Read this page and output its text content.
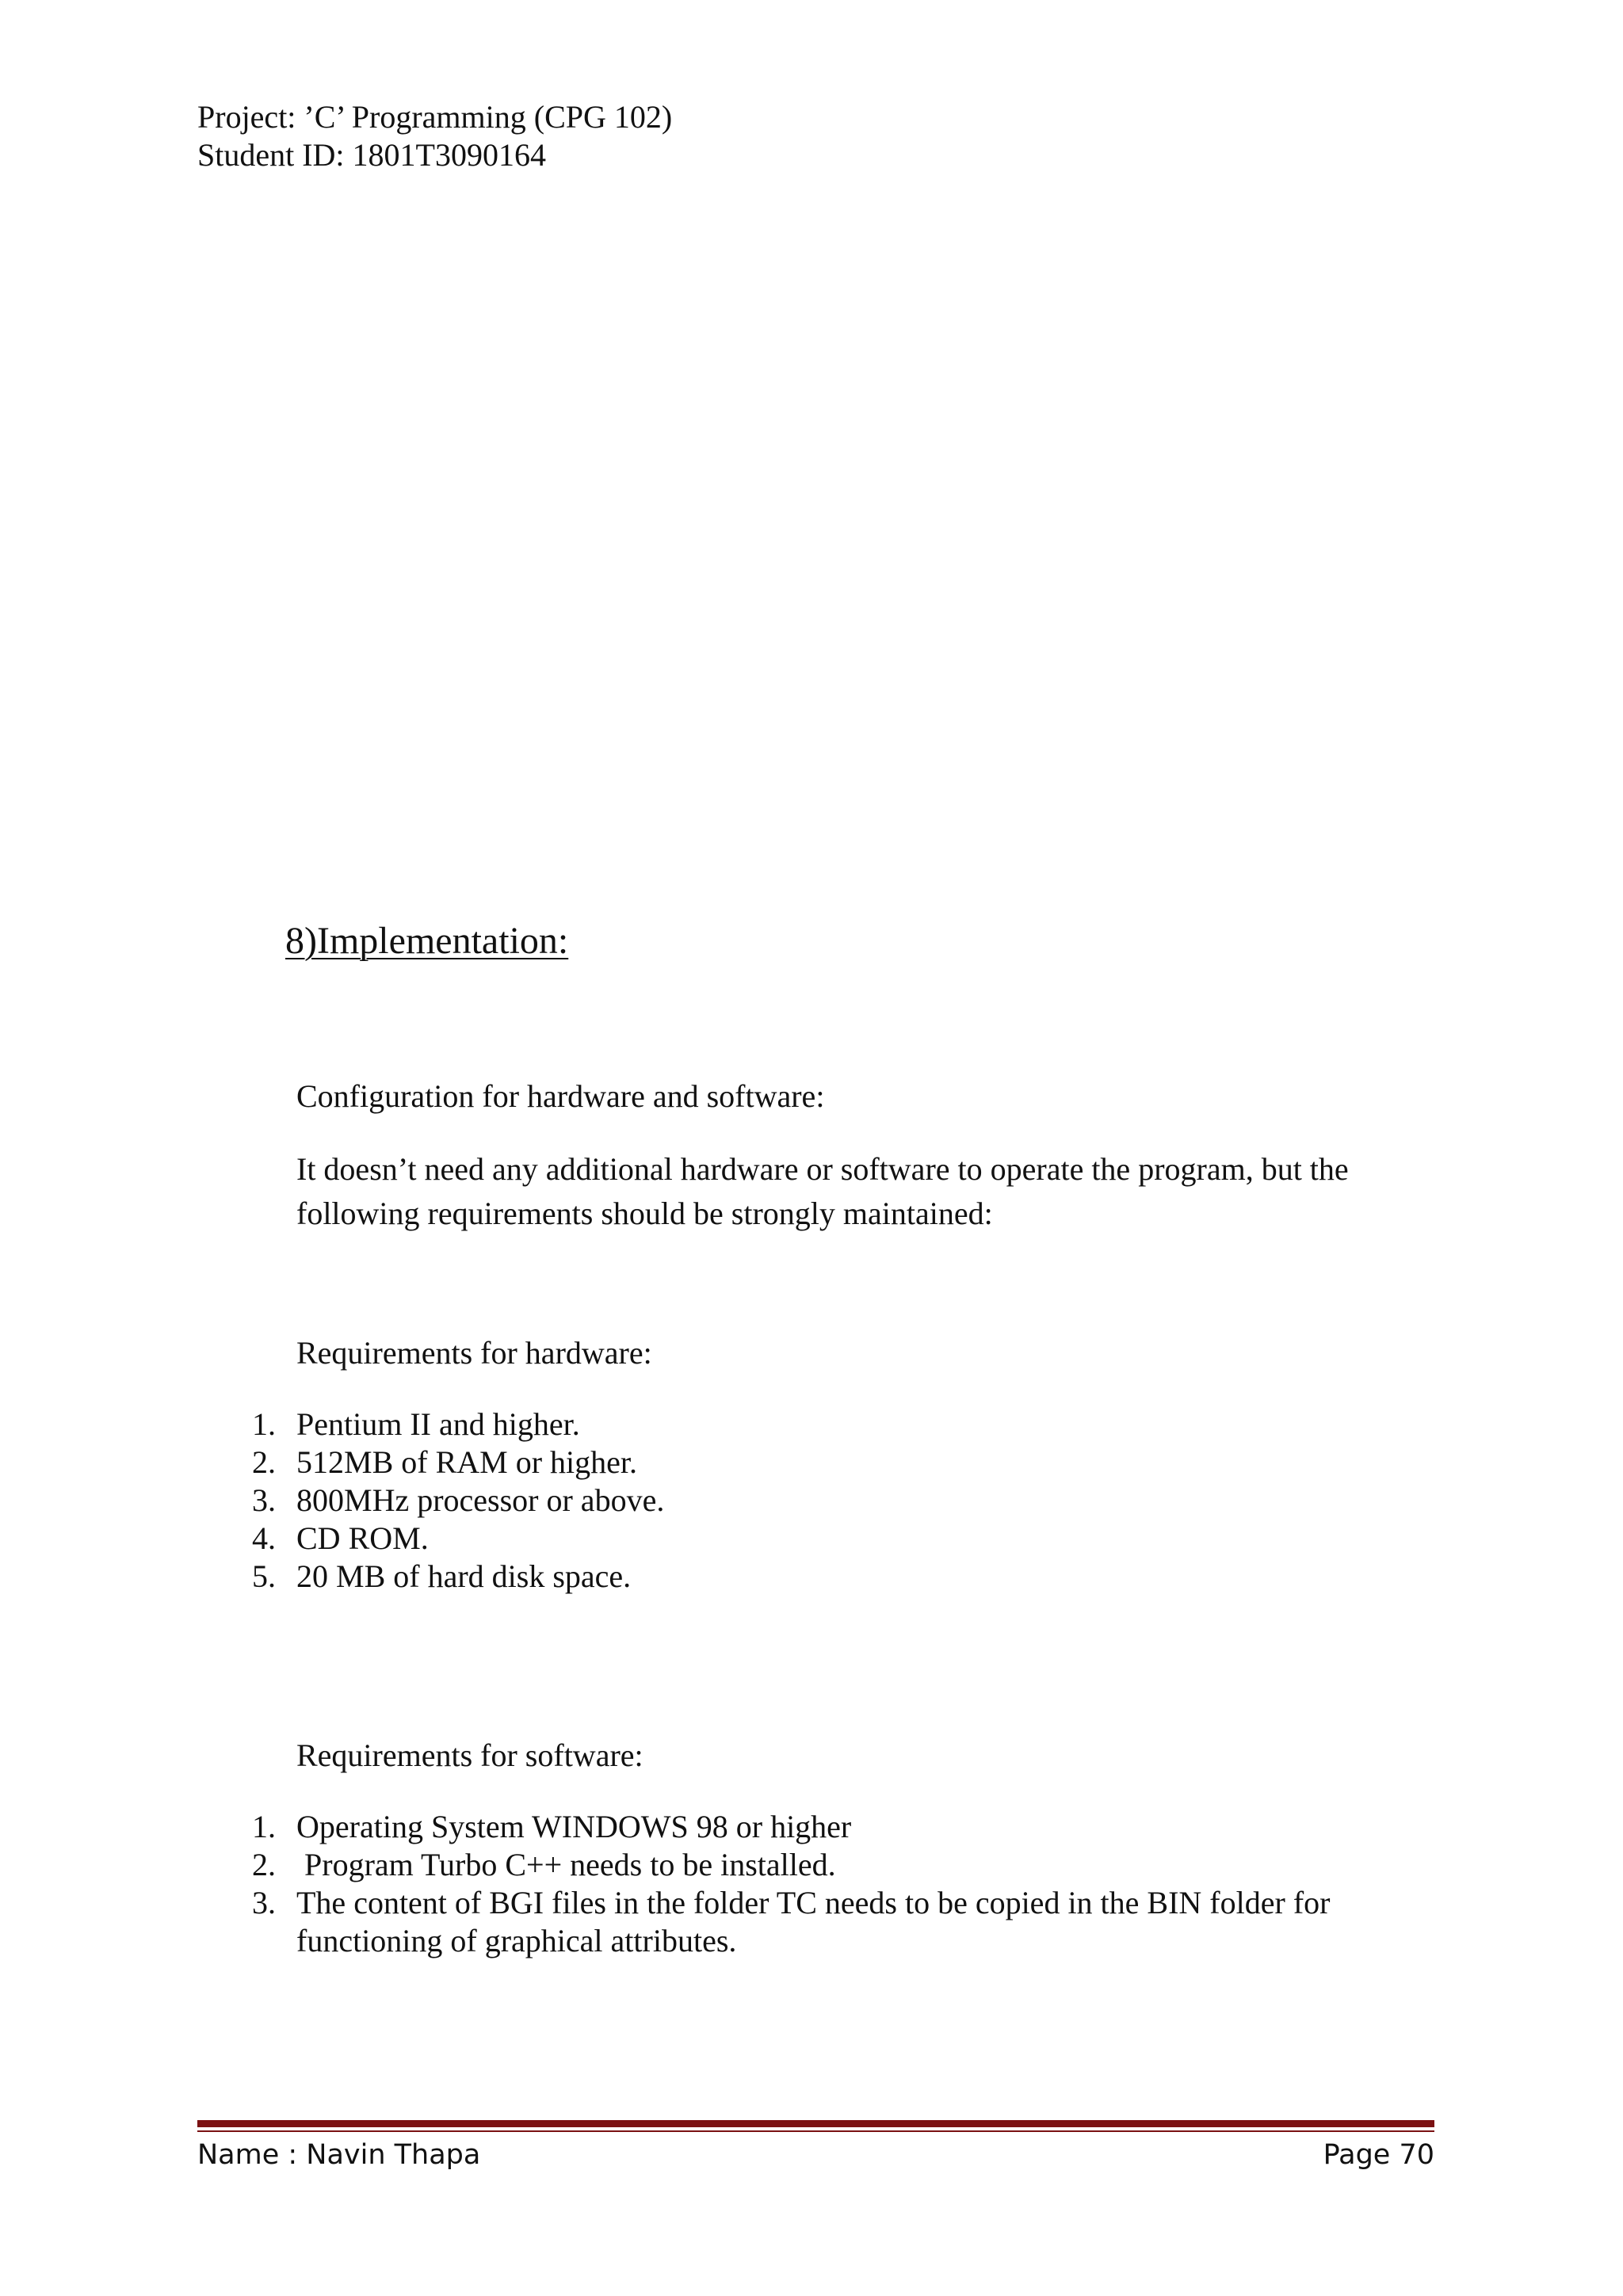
Project: ’C’ Programming (CPG 102)
Student ID: 1801T3090164
8)Implementation:
Configuration for hardware and software:
It doesn’t need any additional hardware or software to operate the program, but the following requirements should be strongly maintained:
Requirements for hardware:
1. Pentium II and higher.
2. 512MB of RAM or higher.
3. 800MHz processor or above.
4. CD ROM.
5. 20 MB of hard disk space.
Requirements for software:
1. Operating System WINDOWS 98 or higher
2. Program Turbo C++ needs to be installed.
3. The content of BGI files in the folder TC needs to be copied in the BIN folder for functioning of graphical attributes.
Name : Navin Thapa	Page 70
